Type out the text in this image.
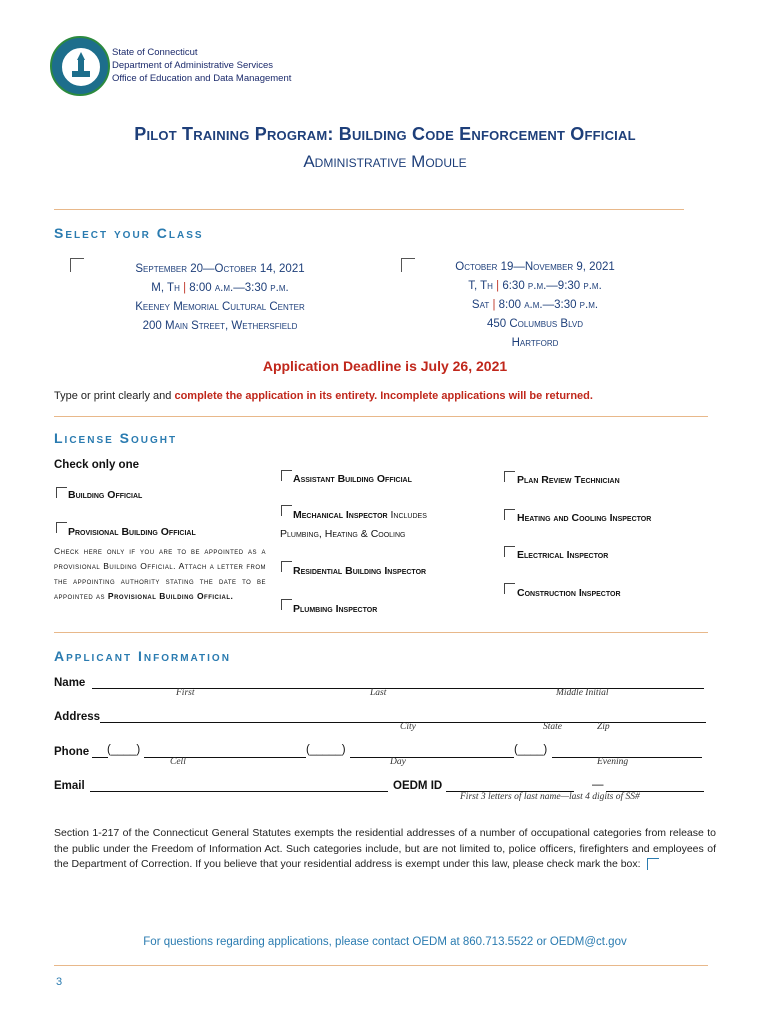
State of Connecticut
Department of Administrative Services
Office of Education and Data Management
Pilot Training Program: Building Code Enforcement Official
Administrative Module
Select your Class
September 20—October 14, 2021
M, Th | 8:00 a.m.—3:30 p.m.
Keeney Memorial Cultural Center
200 Main Street, Wethersfield
October 19—November 9, 2021
T, Th | 6:30 p.m.—9:30 p.m.
Sat | 8:00 a.m.—3:30 p.m.
450 Columbus Blvd
Hartford
Application Deadline is July 26, 2021
Type or print clearly and complete the application in its entirety. Incomplete applications will be returned.
License Sought
Check only one
Building Official
Provisional Building Official
Check here only if you are to be appointed as a provisional Building Official. Attach a letter from the appointing authority stating the date to be appointed as Provisional Building Official.
Assistant Building Official
Mechanical Inspector Includes
Plumbing, Heating & Cooling
Residential Building Inspector
Plumbing Inspector
Plan Review Technician
Heating and Cooling Inspector
Electrical Inspector
Construction Inspector
Applicant Information
Name
First	Last	Middle Initial
Address
City	State	Zip
Phone (____)	(_____)	(____)
Cell	Day	Evening
Email	OEDM ID	—
First 3 letters of last name—last 4 digits of SS#
Section 1-217 of the Connecticut General Statutes exempts the residential addresses of a number of occupational categories from release to the public under the Freedom of Information Act. Such categories include, but are not limited to, police officers, firefighters and employees of the Department of Correction. If you believe that your residential address is exempt under this law, please check mark the box:
For questions regarding applications, please contact OEDM at 860.713.5522 or OEDM@ct.gov
3
